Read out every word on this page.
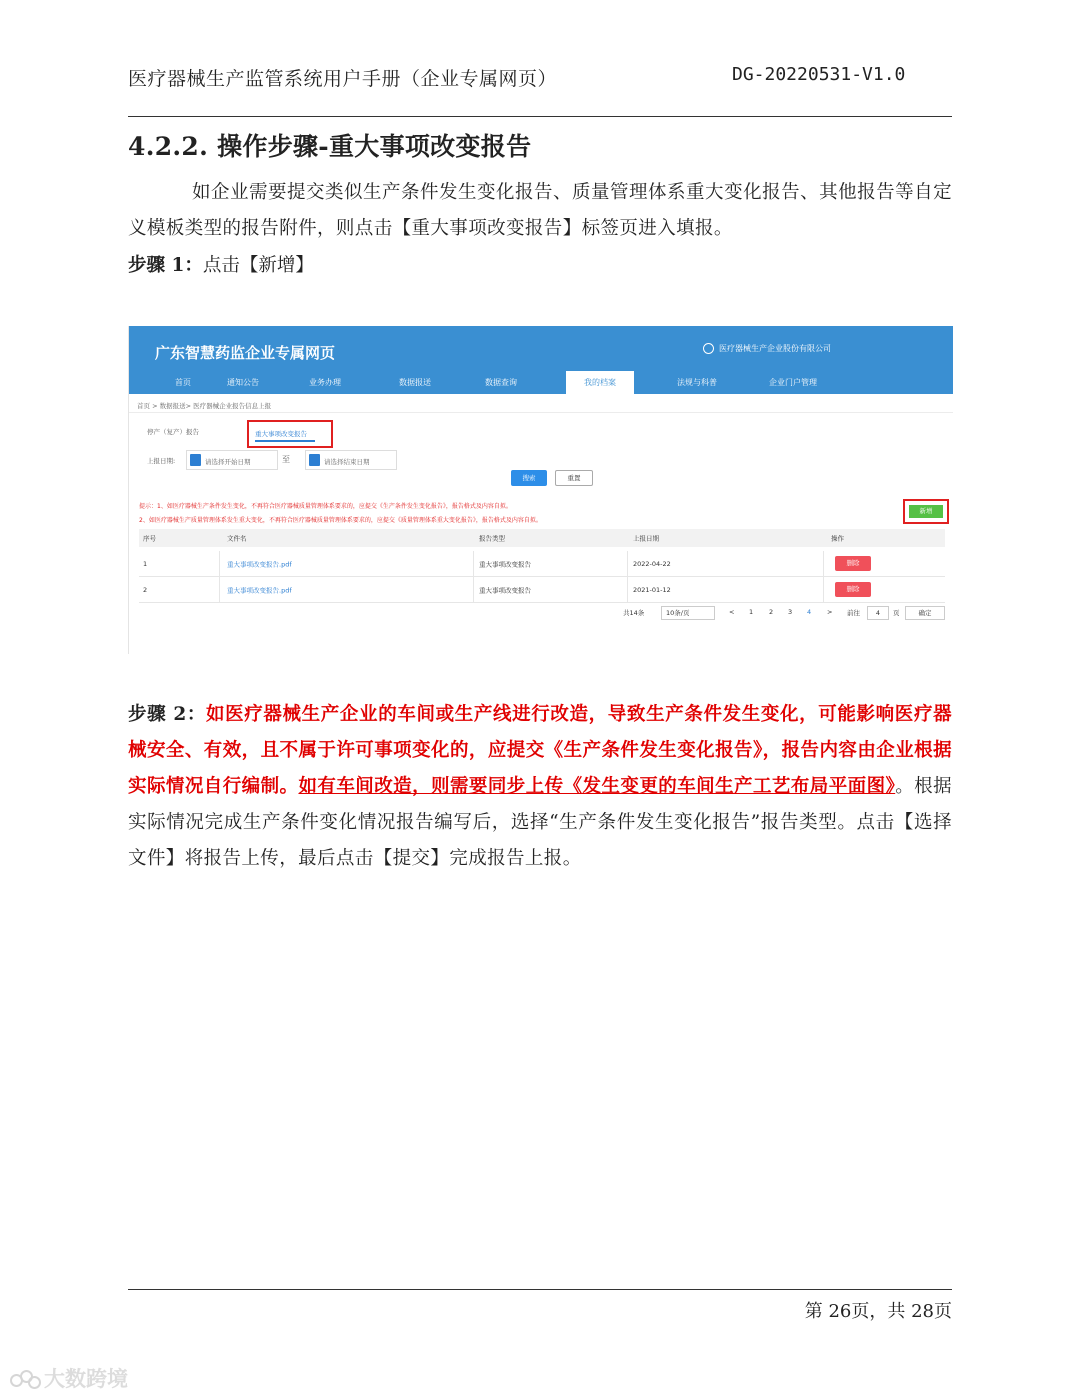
医疗器械生产监管系统用户手册（企业专属网页）	DG-20220531-V1.0
4.2.2. 操作步骤-重大事项改变报告
如企业需要提交类似生产条件发生变化报告、质量管理体系重大变化报告、其他报告等自定义模板类型的报告附件，则点击【重大事项改变报告】标签页进入填报。
步骤 1：点击【新增】
广东智慧药监企业专属网页	医疗器械生产企业股份有限公司
首页	通知公告	业务办理	数据报送	数据查询	我的档案	法规与科普	企业门户管理
首页 > 数据报送> 医疗器械企业报告信息上报
停产（复产）报告	重大事项改变报告
上报日期:	请选择开始日期	至	请选择结束日期
搜索	重置
提示：1、如医疗器械生产条件发生变化，不再符合医疗器械质量管理体系要求的，应提交《生产条件发生变化报告》，报告格式及内容自拟。
2、如医疗器械生产质量管理体系发生重大变化，不再符合医疗器械质量管理体系要求的，应提交《质量管理体系重大变化报告》，报告格式及内容自拟。
新增
序号	文件名	报告类型	上报日期	操作
1	重大事项改变报告.pdf	重大事项改变报告	2022-04-22	删除
2	重大事项改变报告.pdf	重大事项改变报告	2021-01-12	删除
共14条	10条/页	< 1 2 3 4 > 前往	4	页	确定
步骤 2：如医疗器械生产企业的车间或生产线进行改造，导致生产条件发生变化，可能影响医疗器械安全、有效，且不属于许可事项变化的，应提交《生产条件发生变化报告》，报告内容由企业根据实际情况自行编制。如有车间改造，则需要同步上传《发生变更的车间生产工艺布局平面图》。根据实际情况完成生产条件变化情况报告编写后，选择“生产条件发生变化报告”报告类型。点击【选择文件】将报告上传，最后点击【提交】完成报告上报。
第 26页，共 28页
大数跨境
